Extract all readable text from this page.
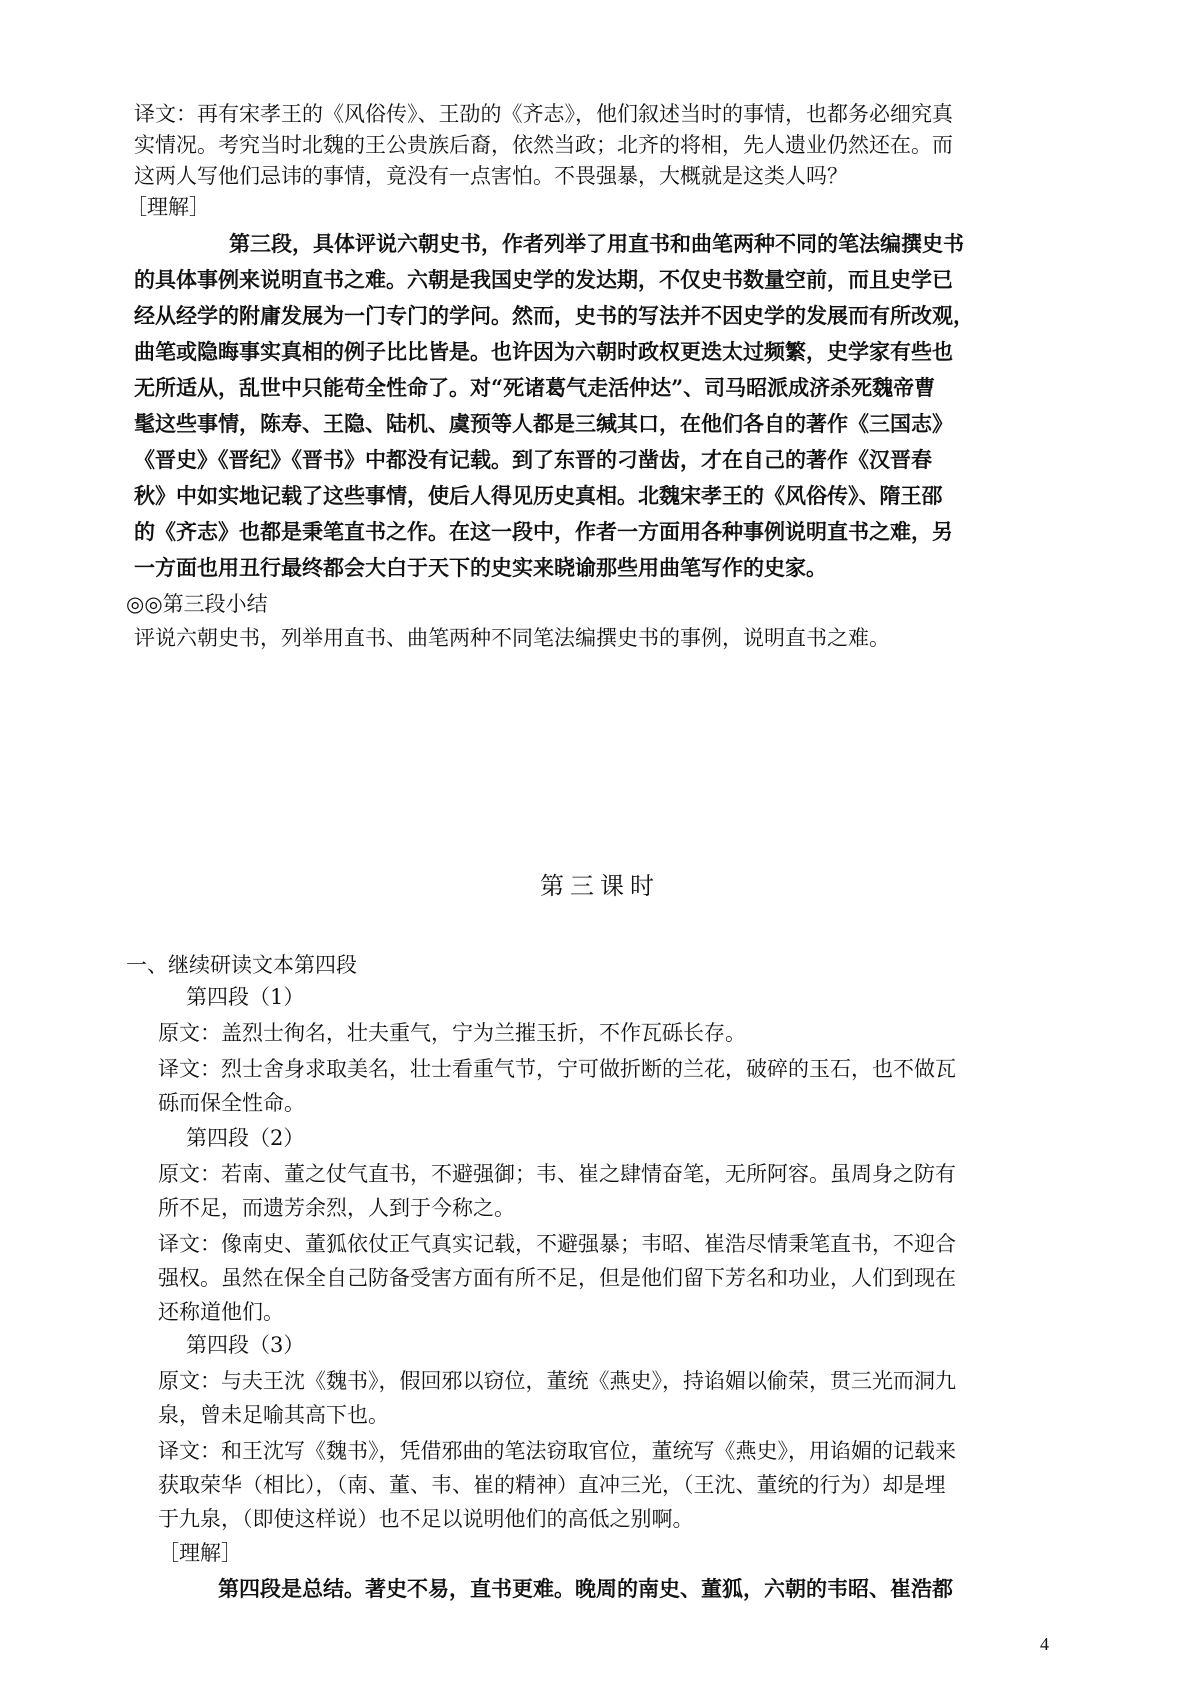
译文：再有宋孝王的《风俗传》、王劭的《齐志》，他们叙述当时的事情，也都务必细究真
实情况。考究当时北魏的王公贵族后裔，依然当政；北齐的将相，先人遗业仍然还在。而
这两人写他们忌讳的事情，竟没有一点害怕。不畏强暴，大概就是这类人吗？
［理解］
第三段，具体评说六朝史书，作者列举了用直书和曲笔两种不同的笔法编撰史书
的具体事例来说明直书之难。六朝是我国史学的发达期，不仅史书数量空前，而且史学已
经从经学的附庸发展为一门专门的学问。然而，史书的写法并不因史学的发展而有所改观，
曲笔或隐晦事实真相的例子比比皆是。也许因为六朝时政权更迭太过频繁，史学家有些也
无所适从，乱世中只能苟全性命了。对“死诸葛气走活仲达”、司马昭派成济杀死魏帝曹
髦这些事情，陈寿、王隐、陆机、虞预等人都是三缄其口，在他们各自的著作《三国志》
《晋史》《晋纪》《晋书》中都没有记载。到了东晋的刁凿齿，才在自己的著作《汉晋春
秋》中如实地记载了这些事情，使后人得见历史真相。北魏宋孝王的《风俗传》、隋王邵
的《齐志》也都是秉笔直书之作。在这一段中，作者一方面用各种事例说明直书之难，另
一方面也用丑行最终都会大白于天下的史实来晓谕那些用曲笔写作的史家。
◎◎第三段小结
评说六朝史书，列举用直书、曲笔两种不同笔法编撰史书的事例，说明直书之难。
第三课时
一、继续研读文本第四段
第四段（1）
原文：盖烈士徇名，壮夫重气，宁为兰摧玉折，不作瓦砾长存。
译文：烈士舍身求取美名，壮士看重气节，宁可做折断的兰花，破碎的玉石，也不做瓦
砾而保全性命。
第四段（2）
原文：若南、董之仗气直书，不避强御；韦、崔之肆情奋笔，无所阿容。虽周身之防有
所不足，而遗芳余烈，人到于今称之。
译文：像南史、董狐依仗正气真实记载，不避强暴；韦昭、崔浩尽情秉笔直书，不迎合
强权。虽然在保全自己防备受害方面有所不足，但是他们留下芳名和功业，人们到现在
还称道他们。
第四段（3）
原文：与夫王沈《魏书》，假回邪以窃位，董统《燕史》，持谄媚以偷荣，贯三光而洞九
泉，曾未足喻其高下也。
译文：和王沈写《魏书》，凭借邪曲的笔法窃取官位，董统写《燕史》，用谄媚的记载来
获取荣华（相比），（南、董、韦、崔的精神）直冲三光，（王沈、董统的行为）却是埋
于九泉，（即使这样说）也不足以说明他们的高低之别啊。
［理解］
第四段是总结。著史不易，直书更难。晚周的南史、董狐，六朝的韦昭、崔浩都
4
